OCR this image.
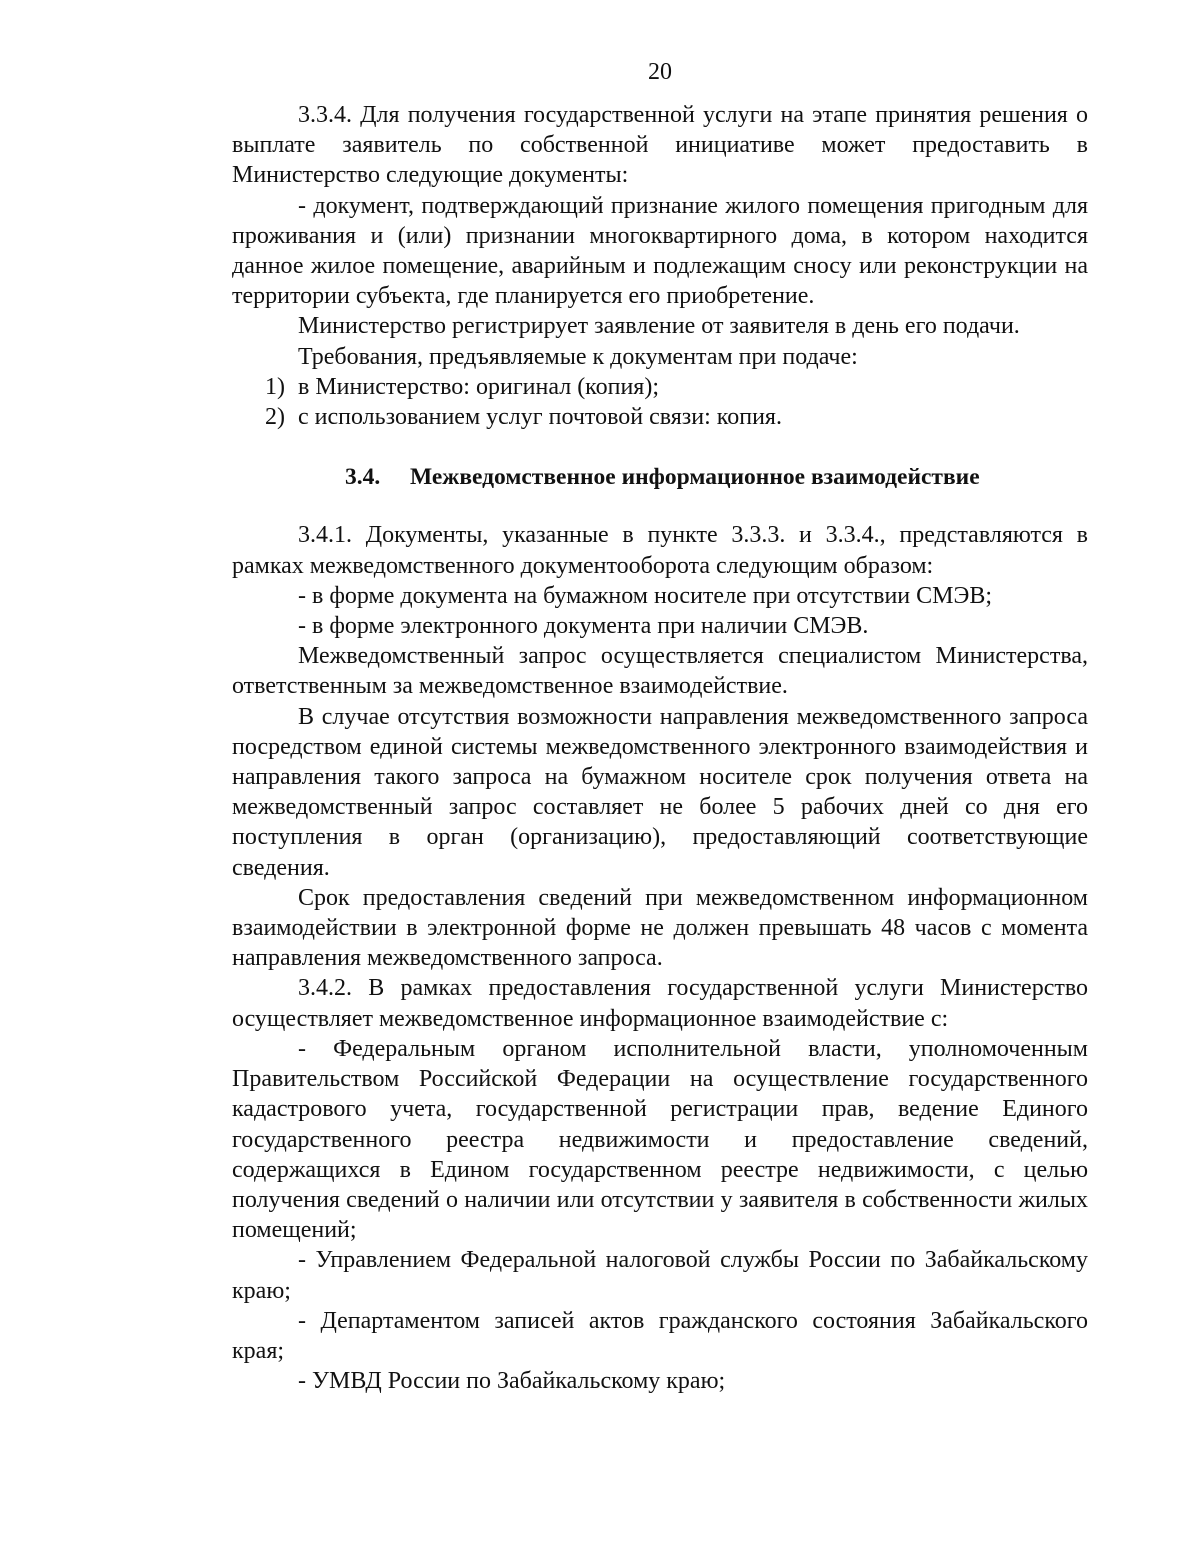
20

3.3.4. Для получения государственной услуги на этапе принятия решения о выплате заявитель по собственной инициативе может предоставить в Министерство следующие документы:

- документ, подтверждающий признание жилого помещения пригодным для проживания и (или) признании многоквартирного дома, в котором находится данное жилое помещение, аварийным и подлежащим сносу или реконструкции на территории субъекта, где планируется его приобретение.

Министерство регистрирует заявление от заявителя в день его подачи.

Требования, предъявляемые к документам при подаче:

1) в Министерство: оригинал (копия);
2) с использованием услуг почтовой связи: копия.
3.4. Межведомственное информационное взаимодействие

3.4.1. Документы, указанные в пункте 3.3.3. и 3.3.4., представляются в рамках межведомственного документооборота следующим образом:

- в форме документа на бумажном носителе при отсутствии СМЭВ;

- в форме электронного документа при наличии СМЭВ.

Межведомственный запрос осуществляется специалистом Министерства, ответственным за межведомственное взаимодействие.

В случае отсутствия возможности направления межведомственного запроса посредством единой системы межведомственного электронного взаимодействия и направления такого запроса на бумажном носителе срок получения ответа на межведомственный запрос составляет не более 5 рабочих дней со дня его поступления в орган (организацию), предоставляющий соответствующие сведения.

Срок предоставления сведений при межведомственном информационном взаимодействии в электронной форме не должен превышать 48 часов с момента направления межведомственного запроса.

3.4.2. В рамках предоставления государственной услуги Министерство осуществляет межведомственное информационное взаимодействие с:

- Федеральным органом исполнительной власти, уполномоченным Правительством Российской Федерации на осуществление государственного кадастрового учета, государственной регистрации прав, ведение Единого государственного реестра недвижимости и предоставление сведений, содержащихся в Едином государственном реестре недвижимости, с целью получения сведений о наличии или отсутствии у заявителя в собственности жилых помещений;

- Управлением Федеральной налоговой службы России по Забайкальскому краю;

- Департаментом записей актов гражданского состояния Забайкальского края;

- УМВД России по Забайкальскому краю;
